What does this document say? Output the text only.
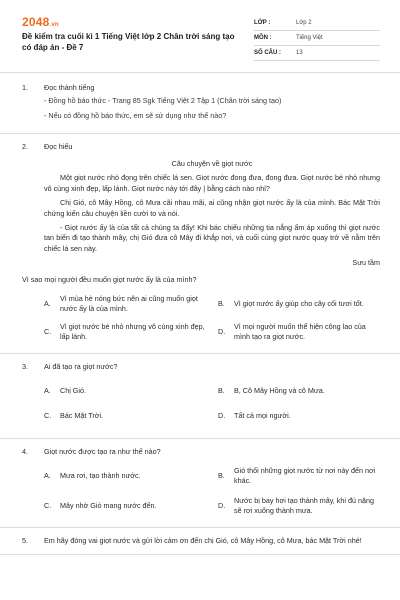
2048.vn
Đề kiểm tra cuối kì 1 Tiếng Việt lớp 2 Chân trời sáng tạo có đáp án - Đề 7
LỚP :	Lớp 2
MÔN :	Tiếng Việt
SỐ CÂU :	13
1. Đọc thành tiếng
- Đồng hồ báo thức - Trang 85 Sgk Tiếng Việt 2 Tập 1 (Chân trời sáng tạo)
- Nếu có đồng hồ báo thức, em sẽ sử dụng như thế nào?
2. Đọc hiểu
Câu chuyện về giọt nước
Một giọt nước nhỏ đọng trên chiếc lá sen. Giọt nước đong đưa, đong đưa. Giọt nước bé nhỏ nhưng vô cùng xinh đẹp, lấp lánh. Giọt nước này tới đây | bằng cách nào nhỉ?
Chị Gió, cô Mây Hồng, cô Mưa cãi nhau mãi, ai cũng nhận giọt nước ấy là của mình. Bác Mặt Trời chứng kiến câu chuyện liền cười to và nói.
- Giọt nước ấy là của tất cả chúng ta đấy! Khi bác chiếu những tia nắng ấm áp xuống thì giọt nước tan biến đi tạo thành mây, chị Gió đưa cô Mây đi khắp nơi, và cuối cùng giọt nước quay trở về nằm trên chiếc lá sen này.
Sưu tầm
Vì sao mọi người đều muốn giọt nước ấy là của mình?
A.
Vì mùa hè nóng bức nên ai cũng muốn giọt nước ấy là của mình.
B.	Vì giọt nước ấy giúp cho cây cối tươi tốt.
C.
Vì giọt nước bé nhỏ nhưng vô cùng xinh đẹp, lấp lánh.
D.
Vì mọi người muốn thể hiện công lao của mình tạo ra giọt nước.
3. Ai đã tạo ra giọt nước?
A.	Chị Gió.	B.	B, Cô Mây Hồng và cô Mưa.
C.	Bác Mặt Trời.	D.	Tất cả mọi người.
4. Giọt nước được tạo ra như thế nào?
A.	Mưa rơi, tạo thành nước.	B.
Gió thổi những giọt nước từ nơi này đến nơi khác.
C.	Mây nhờ Gió mang nước đến.	D.
Nước bị bay hơi tạo thành mây, khi đủ nặng sẽ rơi xuống thành mưa.
5. Em hãy đóng vai giọt nước và gửi lời cảm ơn đến chị Gió, cô Mây Hồng, cô Mưa, bác Mặt Trời nhé!
